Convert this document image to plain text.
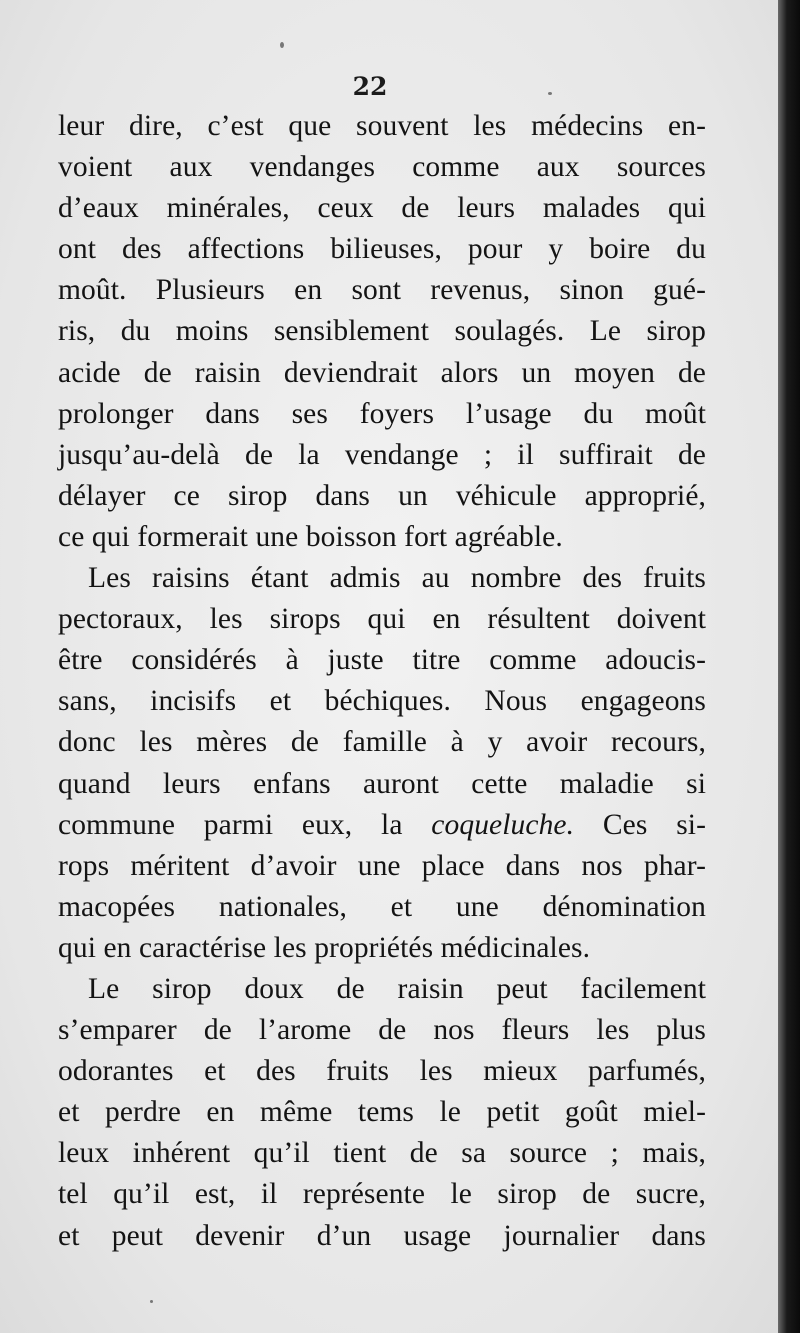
22
leur dire, c’est que souvent les médecins en-
voient aux vendanges comme aux sources
d’eaux minérales, ceux de leurs malades qui
ont des affections bilieuses, pour y boire du
moût. Plusieurs en sont revenus, sinon gué-
ris, du moins sensiblement soulagés. Le sirop
acide de raisin deviendrait alors un moyen de
prolonger dans ses foyers l’usage du moût
jusqu’au-delà de la vendange ; il suffirait de
délayer ce sirop dans un véhicule approprié,
ce qui formerait une boisson fort agréable.
Les raisins étant admis au nombre des fruits
pectoraux, les sirops qui en résultent doivent
être considérés à juste titre comme adoucis-
sans, incisifs et béchiques. Nous engageons
donc les mères de famille à y avoir recours,
quand leurs enfans auront cette maladie si
commune parmi eux, la coqueluche. Ces si-
rops méritent d’avoir une place dans nos phar-
macopées nationales, et une dénomination
qui en caractérise les propriétés médicinales.
Le sirop doux de raisin peut facilement
s’emparer de l’arome de nos fleurs les plus
odorantes et des fruits les mieux parfumés,
et perdre en même tems le petit goût miel-
leux inhérent qu’il tient de sa source ; mais,
tel qu’il est, il représente le sirop de sucre,
et peut devenir d’un usage journalier dans
